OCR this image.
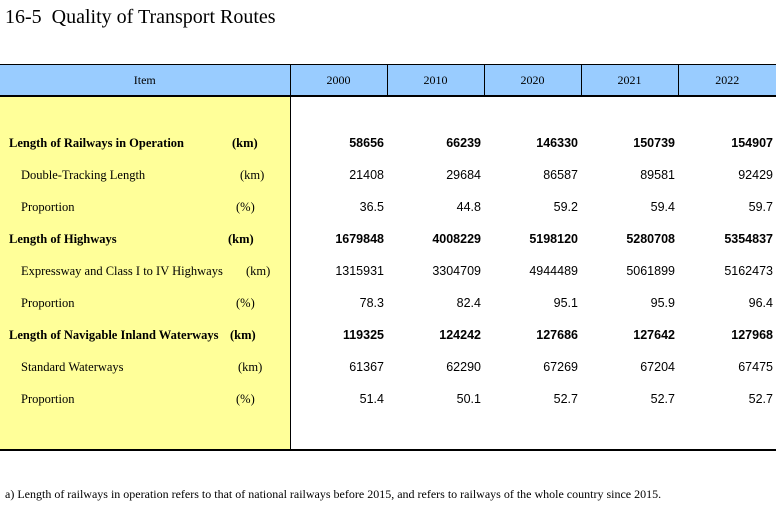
16-5  Quality of Transport Routes
Item	2000	2010	2020	2021	2022

Length of Railways in Operation (km)	58656	66239	146330	150739	154907

Double-Tracking Length (km)	21408	29684	86587	89581	92429

Proportion (%)	36.5	44.8	59.2	59.4	59.7

Length of Highways (km)	1679848	4008229	5198120	5280708	5354837

Expressway and Class I to IV Highways (km)	1315931	3304709	4944489	5061899	5162473

Proportion (%)	78.3	82.4	95.1	95.9	96.4

Length of Navigable Inland Waterways (km)	119325	124242	127686	127642	127968

Standard Waterways (km)	61367	62290	67269	67204	67475

Proportion (%)	51.4	50.1	52.7	52.7	52.7

a) Length of railways in operation refers to that of national railways before 2015, and refers to railways of the whole country since 2015.
